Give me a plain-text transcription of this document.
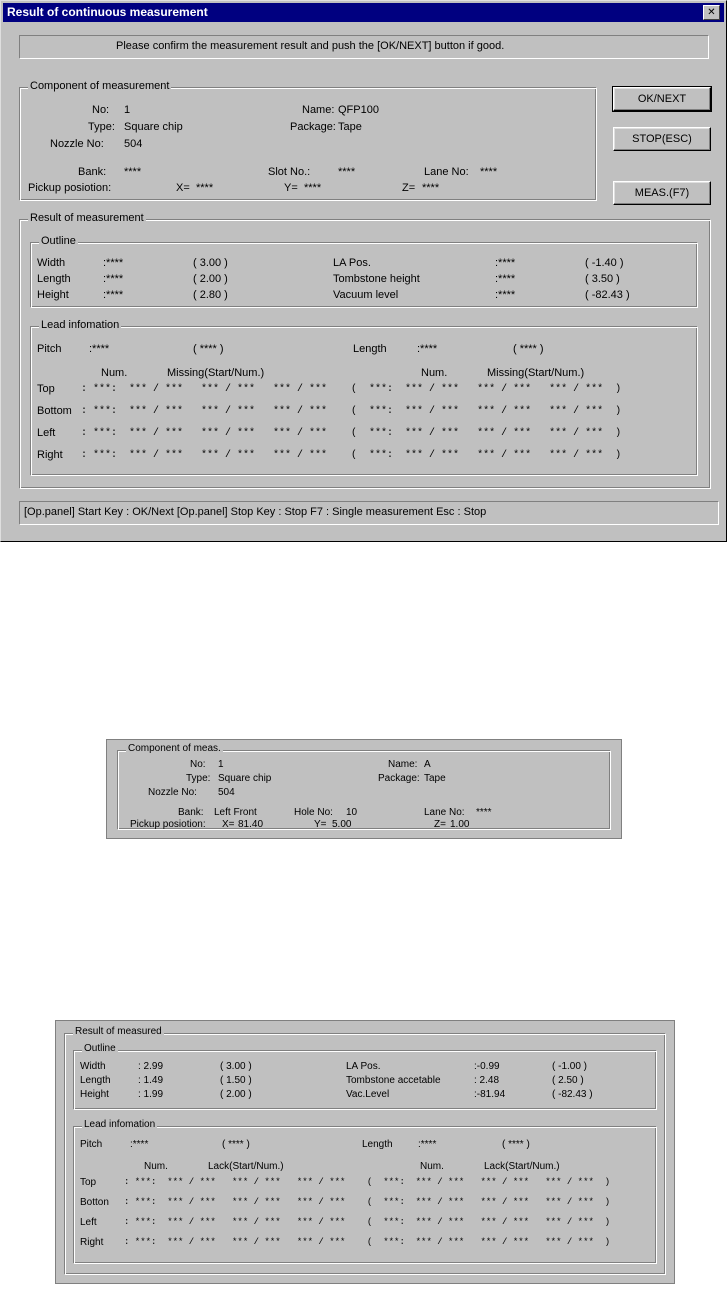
Result of continuous measurement	✕
Please confirm the measurement result and push the [OK/NEXT] button if good.
Component of measurement
No: 1
Type: Square chip
Nozzle No: 504
Name: QFP100
Package: Tape
Bank: ****	Slot No.:	****	Lane No: ****
Pickup posiotion:	X= ****	Y= ****	Z= ****
OK/NEXT
STOP(ESC)
MEAS.(F7)
Result of measurement
Outline
Width	:****	( 3.00 )
Length	:****	( 2.00 )
Height	:****	( 2.80 )
LA Pos.	:****	( -1.40 )
Tombstone height	:****	( 3.50 )
Vacuum level	:****	( -82.43 )
Lead infomation
Pitch	:****	( **** )	Length	:****	( **** )
Num.	Missing(Start/Num.)	Num.	Missing(Start/Num.)
Top	: ***:  *** / ***   *** / ***   *** / ***    (  ***:  *** / ***   *** / ***   *** / ***  )
Bottom : ***:  *** / ***   *** / ***   *** / ***    (  ***:  *** / ***   *** / ***   *** / ***  )
Left	: ***:  *** / ***   *** / ***   *** / ***    (  ***:  *** / ***   *** / ***   *** / ***  )
Right : ***:  *** / ***   *** / ***   *** / ***    (  ***:  *** / ***   *** / ***   *** / ***  )
[Op.panel] Start Key : OK/Next [Op.panel] Stop Key : Stop F7 : Single measurement Esc : Stop
Component of meas.
No: 1
Type: Square chip
Nozzle No: 504
Name: A
Package: Tape
Bank: Left Front	Hole No: 10	Lane No: ****
Pickup posiotion: X= 81.40	Y= 5.00	Z= 1.00
Result of measured
Outline
Width	: 2.99	( 3.00 )
Length	: 1.49	( 1.50 )
Height	: 1.99	( 2.00 )
LA Pos.	:-0.99	( -1.00 )
Tombstone accetable	: 2.48	( 2.50 )
Vac.Level	:-81.94	( -82.43 )
Lead infomation
Pitch	:****	( **** )	Length	:****	( **** )
Num.	Lack(Start/Num.)	Num.	Lack(Start/Num.)
Top	: ***:  *** / ***   *** / ***   *** / ***    (  ***:  *** / ***   *** / ***   *** / ***  )
Botton : ***:  *** / ***   *** / ***   *** / ***    (  ***:  *** / ***   *** / ***   *** / ***  )
Left	: ***:  *** / ***   *** / ***   *** / ***    (  ***:  *** / ***   *** / ***   *** / ***  )
Right : ***:  *** / ***   *** / ***   *** / ***    (  ***:  *** / ***   *** / ***   *** / ***  )
